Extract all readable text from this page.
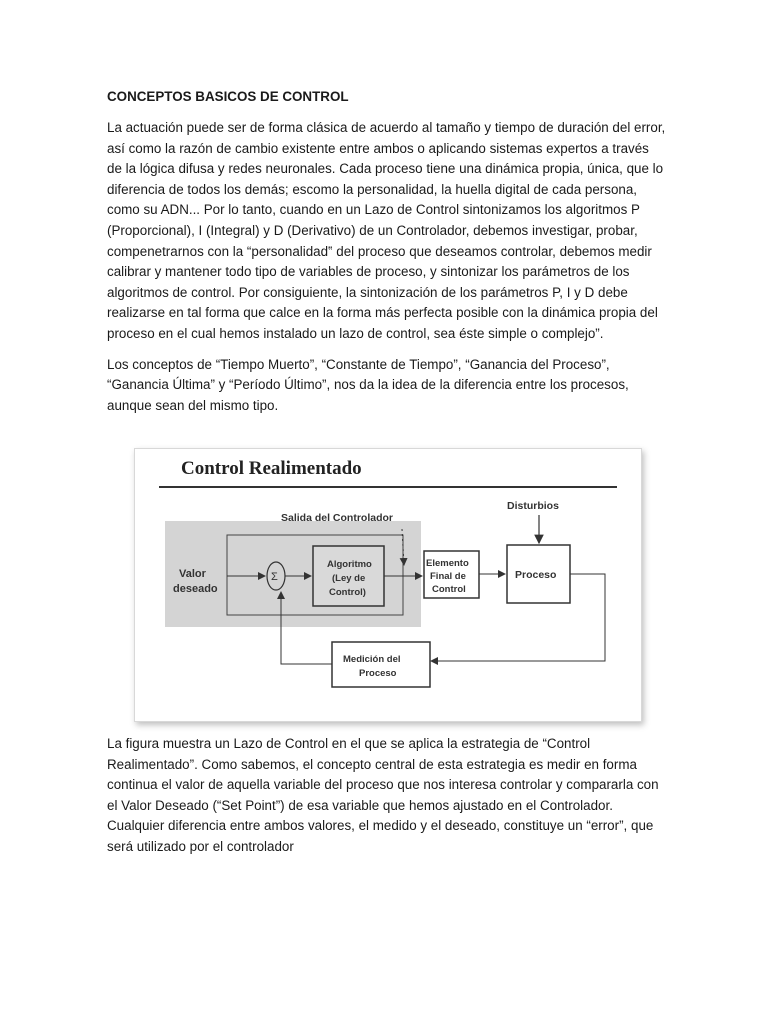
CONCEPTOS BASICOS DE CONTROL

La actuación puede ser de forma clásica de acuerdo al tamaño y tiempo de duración del error, así como la razón de cambio existente entre ambos o aplicando sistemas expertos a través de la lógica difusa y redes neuronales. Cada proceso tiene una dinámica propia, única, que lo diferencia de todos los demás; escomo la personalidad, la huella digital de cada persona, como su ADN... Por lo tanto, cuando en un Lazo de Control sintonizamos los algoritmos P (Proporcional), I (Integral) y D (Derivativo) de un Controlador, debemos investigar, probar, compenetrarnos con la “personalidad‟ del proceso que deseamos controlar, debemos medir calibrar y mantener todo tipo de variables de proceso, y sintonizar los parámetros de los algoritmos de control. Por consiguiente, la sintonización de los parámetros P, I y D debe realizarse en tal forma que calce en la forma más perfecta posible con la dinámica propia del proceso en el cual hemos instalado un lazo de control, sea éste simple o complejo”.

Los conceptos de “Tiempo Muerto”, “Constante de Tiempo”, “Ganancia del Proceso”, “Ganancia Última” y “Período Último”, nos da la idea de la diferencia entre los procesos, aunque sean del mismo tipo.

Control Realimentado
Salida del Controlador
Valor
deseado
Σ
-
Algoritmo
(Ley de
Control)
Elemento
Final de
Control
Disturbios
Proceso
Medición del
Proceso

La figura muestra un Lazo de Control en el que se aplica la estrategia de “Control Realimentado”. Como sabemos, el concepto central de esta estrategia es medir en forma continua el valor de aquella variable del proceso que nos interesa controlar y compararla con el Valor Deseado (“Set Point”) de esa variable que hemos ajustado en el Controlador. Cualquier diferencia entre ambos valores, el medido y el deseado, constituye un “error”, que será utilizado por el controlador
